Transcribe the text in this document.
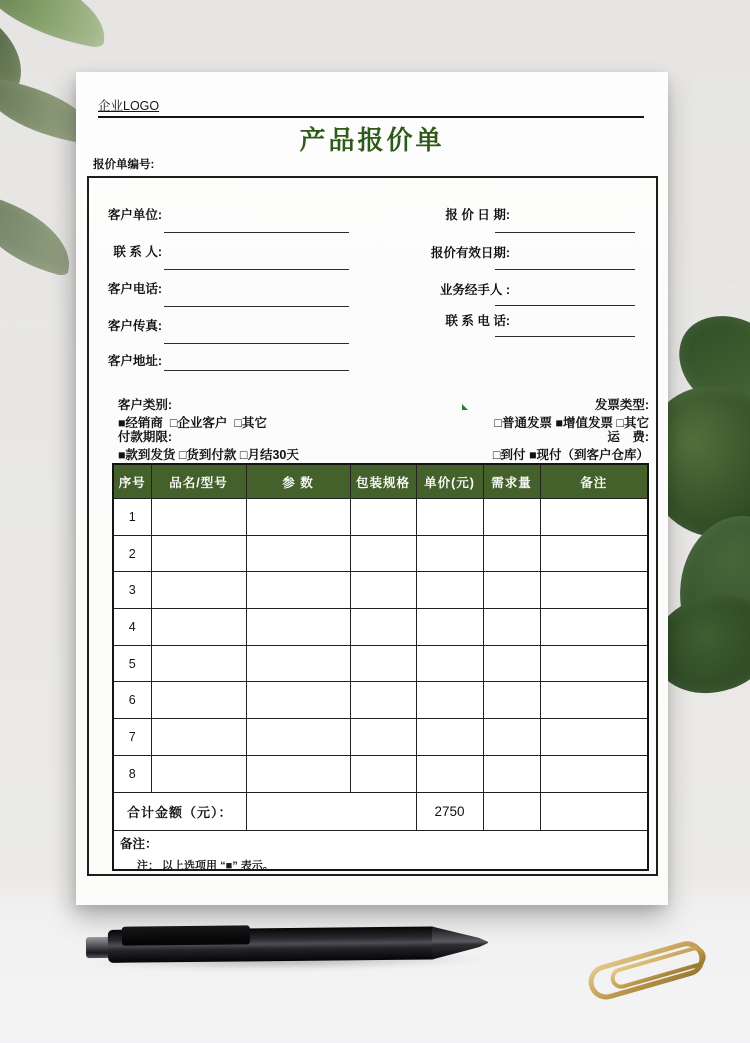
企业LOGO
产品报价单
报价单编号:
客户单位:
联 系 人:
客户电话:
客户传真:
客户地址:
报 价 日 期:
报价有效日期:
业务经手人 :
联 系 电 话:

客户类别:
■经销商  □企业客户  □其它

发票类型:
□普通发票 ■增值发票 □其它

付款期限:
■款到发货 □货到付款 □月结30天

运　费:
□到付 ■现付（到客户仓库）

序号	品名/型号	参 数	包装规格	单价(元)	需求量	备注
1						
2						
3						
4						
5						
6						
7						
8						
合计金额（元）：				2750		
备注：						
注： 以上选项用 “■” 表示。
